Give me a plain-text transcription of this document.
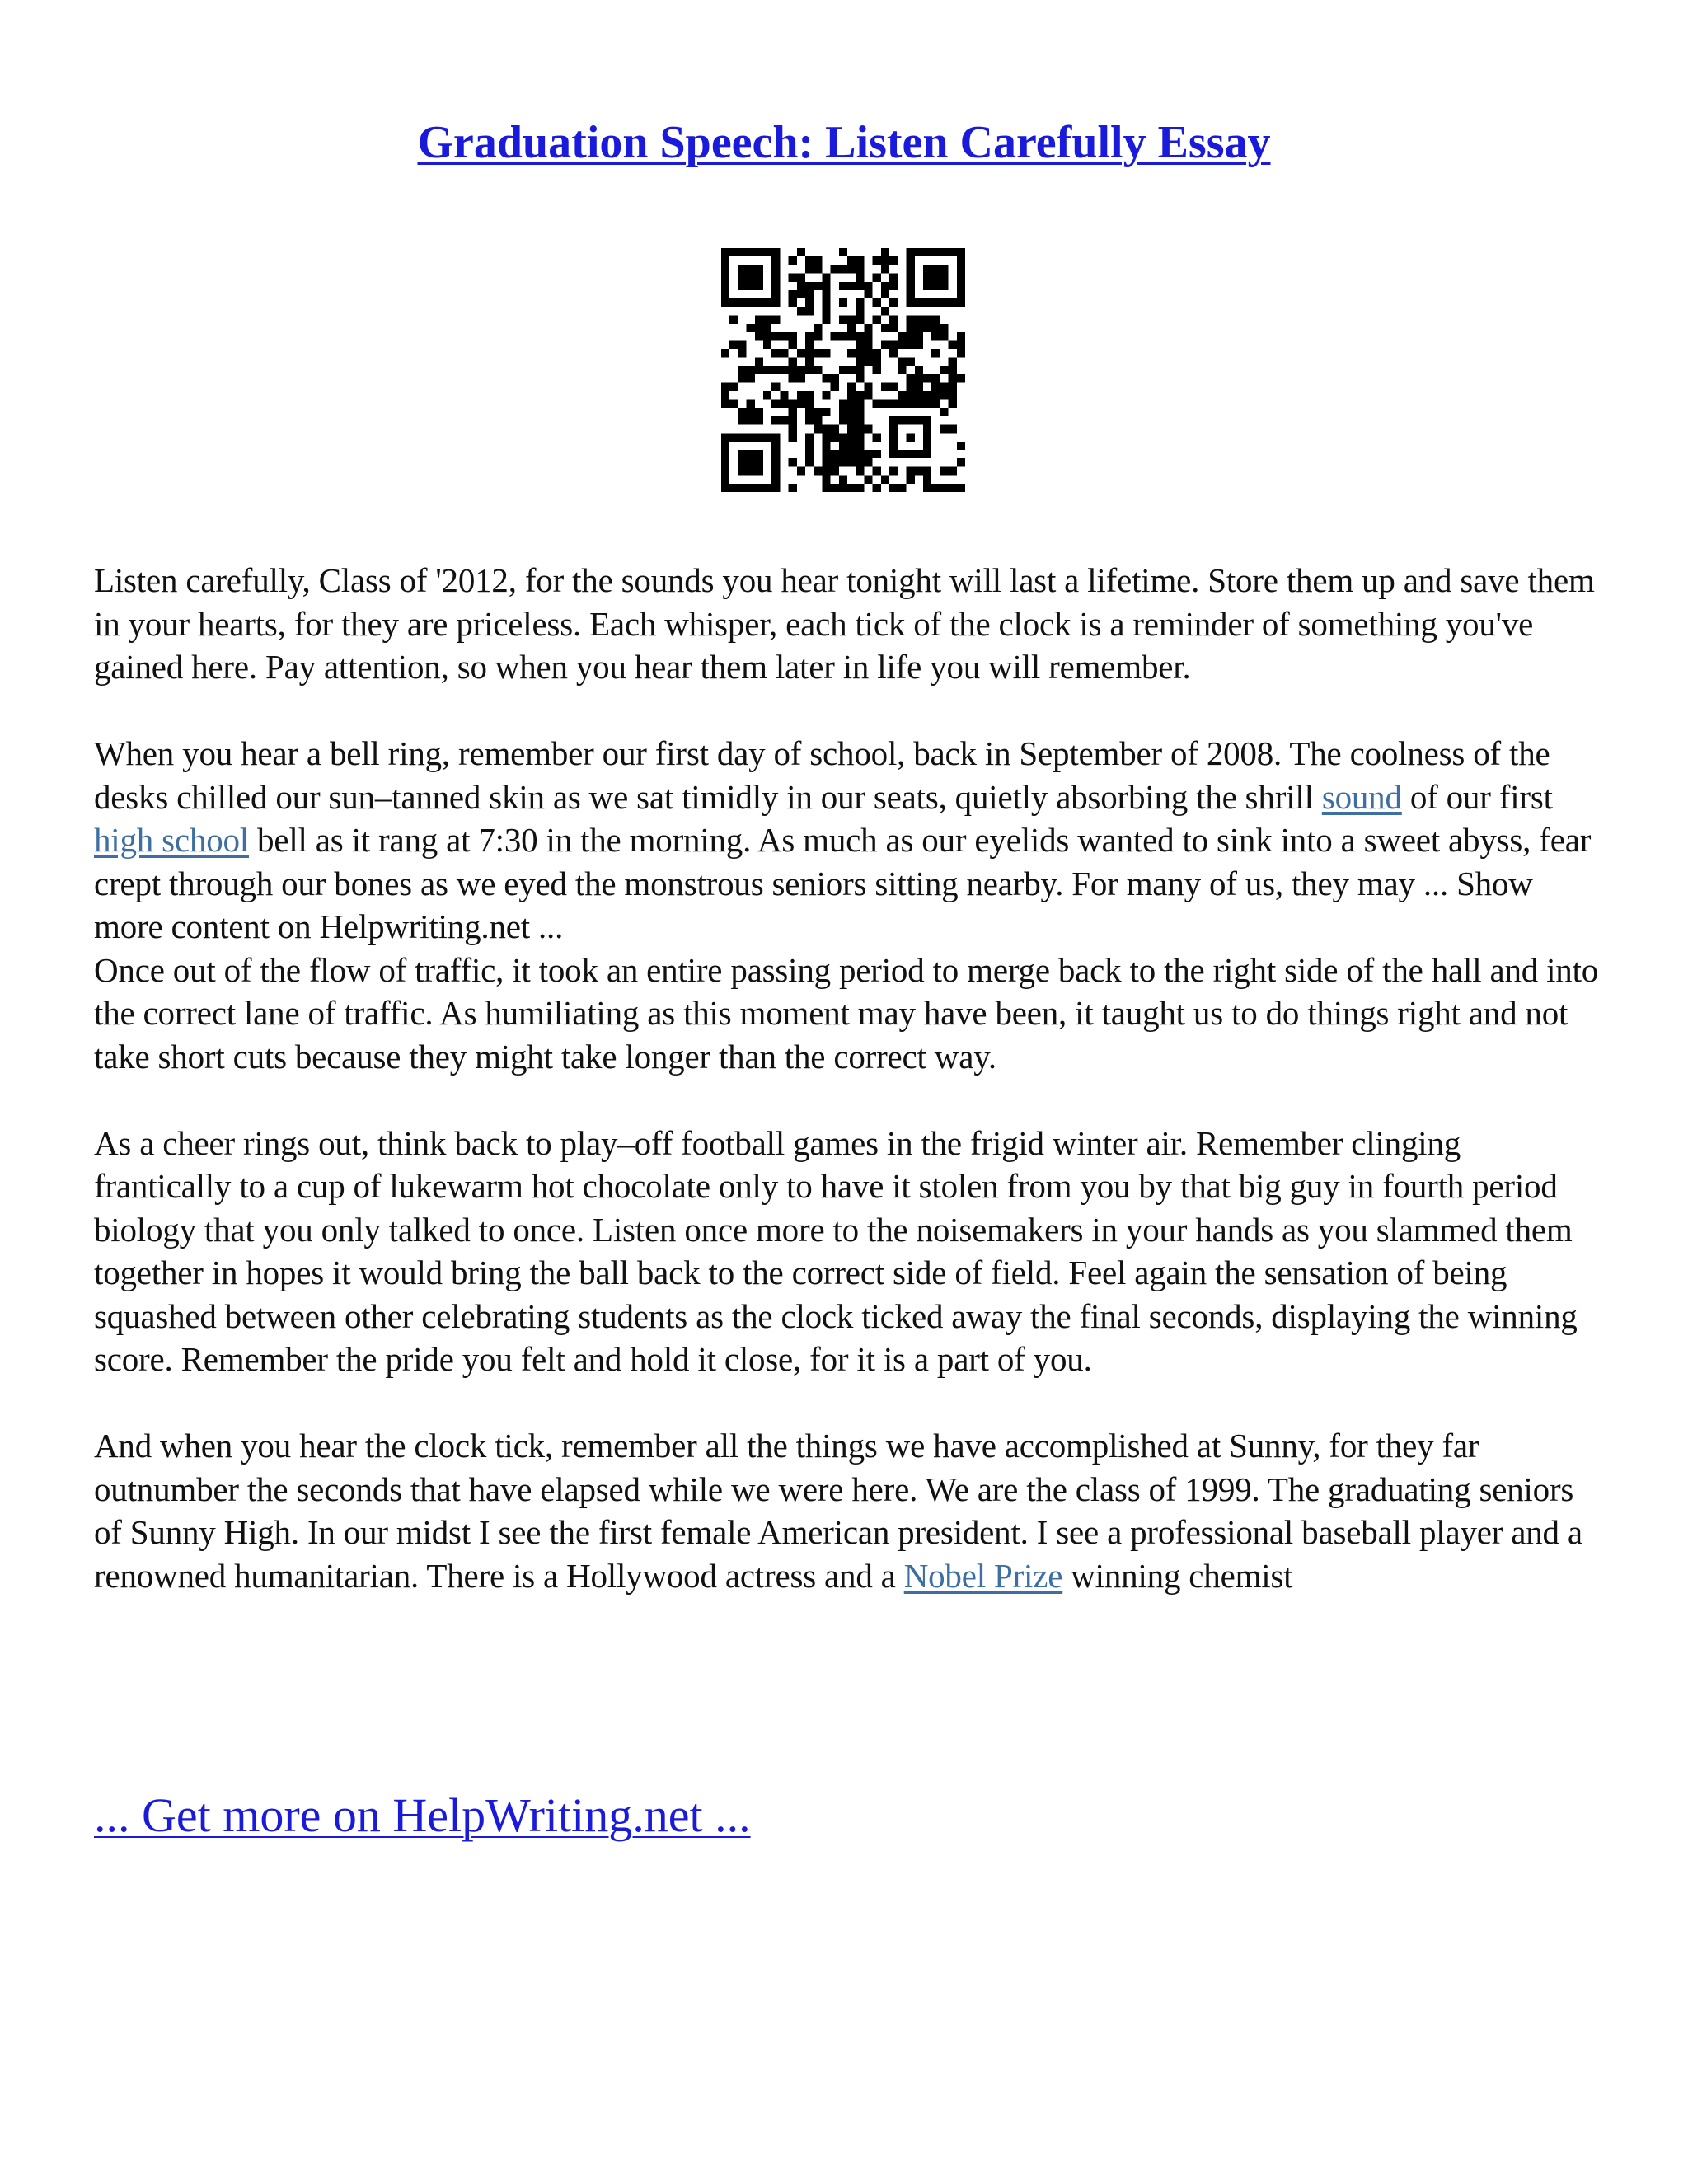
Graduation Speech: Listen Carefully Essay

Listen carefully, Class of '2012, for the sounds you hear tonight will last a lifetime. Store them up and save them in your hearts, for they are priceless. Each whisper, each tick of the clock is a reminder of something you've gained here. Pay attention, so when you hear them later in life you will remember.

When you hear a bell ring, remember our first day of school, back in September of 2008. The coolness of the desks chilled our sun–tanned skin as we sat timidly in our seats, quietly absorbing the shrill sound of our first high school bell as it rang at 7:30 in the morning. As much as our eyelids wanted to sink into a sweet abyss, fear crept through our bones as we eyed the monstrous seniors sitting nearby. For many of us, they may ... Show more content on Helpwriting.net ...

Once out of the flow of traffic, it took an entire passing period to merge back to the right side of the hall and into the correct lane of traffic. As humiliating as this moment may have been, it taught us to do things right and not take short cuts because they might take longer than the correct way.

As a cheer rings out, think back to play–off football games in the frigid winter air. Remember clinging frantically to a cup of lukewarm hot chocolate only to have it stolen from you by that big guy in fourth period biology that you only talked to once. Listen once more to the noisemakers in your hands as you slammed them together in hopes it would bring the ball back to the correct side of field. Feel again the sensation of being squashed between other celebrating students as the clock ticked away the final seconds, displaying the winning score. Remember the pride you felt and hold it close, for it is a part of you.

And when you hear the clock tick, remember all the things we have accomplished at Sunny, for they far outnumber the seconds that have elapsed while we were here. We are the class of 1999. The graduating seniors of Sunny High. In our midst I see the first female American president. I see a professional baseball player and a renowned humanitarian. There is a Hollywood actress and a Nobel Prize winning chemist

... Get more on HelpWriting.net ...
